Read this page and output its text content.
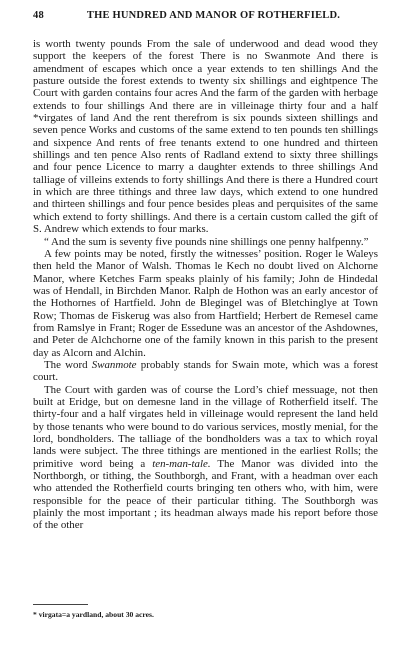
48	THE HUNDRED AND MANOR OF ROTHERFIELD.

is worth twenty pounds From the sale of underwood and dead wood they support the keepers of the forest There is no Swanmote And there is amendment of escapes which once a year extends to ten shillings And the pasture outside the forest extends to twenty six shillings and eightpence The Court with garden contains four acres And the farm of the garden with herbage extends to four shillings And there are in villeinage thirty four and a half *virgates of land And the rent therefrom is six pounds sixteen shillings and seven pence Works and customs of the same extend to ten pounds ten shillings and sixpence And rents of free tenants extend to one hundred and thirteen shillings and ten pence Also rents of Radland extend to sixty three shillings and four pence Licence to marry a daughter extends to three shillings And talliage of villeins extends to forty shillings And there is there a Hundred court in which are three tithings and three law days, which extend to one hundred and thirteen shillings and four pence besides pleas and perquisites of the same which extend to forty shillings. And there is a certain custom called the gift of S. Andrew which extends to four marks.

“ And the sum is seventy five pounds nine shillings one penny halfpenny.”

A few points may be noted, firstly the witnesses’ position. Roger le Waleys then held the Manor of Walsh. Thomas le Kech no doubt lived on Alchorne Manor, where Ketches Farm speaks plainly of his family; John de Hindedal was of Hendall, in Birchden Manor. Ralph de Hothon was an early ancestor of the Hothornes of Hartfield. John de Blegingel was of Bletchinglye at Town Row; Thomas de Fiskerug was also from Hartfield; Herbert de Remesel came from Ramslye in Frant; Roger de Essedune was an ancestor of the Ashdownes, and Peter de Alchchorne one of the family known in this parish to the present day as Alcorn and Alchin.

The word Swanmote probably stands for Swain mote, which was a forest court.

The Court with garden was of course the Lord’s chief messuage, not then built at Eridge, but on demesne land in the village of Rotherfield itself. The thirty-four and a half virgates held in villeinage would represent the land held by those tenants who were bound to do various services, mostly menial, for the lord, bondholders. The talliage of the bondholders was a tax to which royal lands were subject. The three tithings are mentioned in the earliest Rolls; the primitive word being a ten-man-tale. The Manor was divided into the Northborgh, or tithing, the Southborgh, and Frant, with a headman over each who attended the Rotherfield courts bringing ten others who, with him, were responsible for the peace of their particular tithing. The Southborgh was plainly the most important ; its headman always made his report before those of the other

* virgata=a yardland, about 30 acres.
